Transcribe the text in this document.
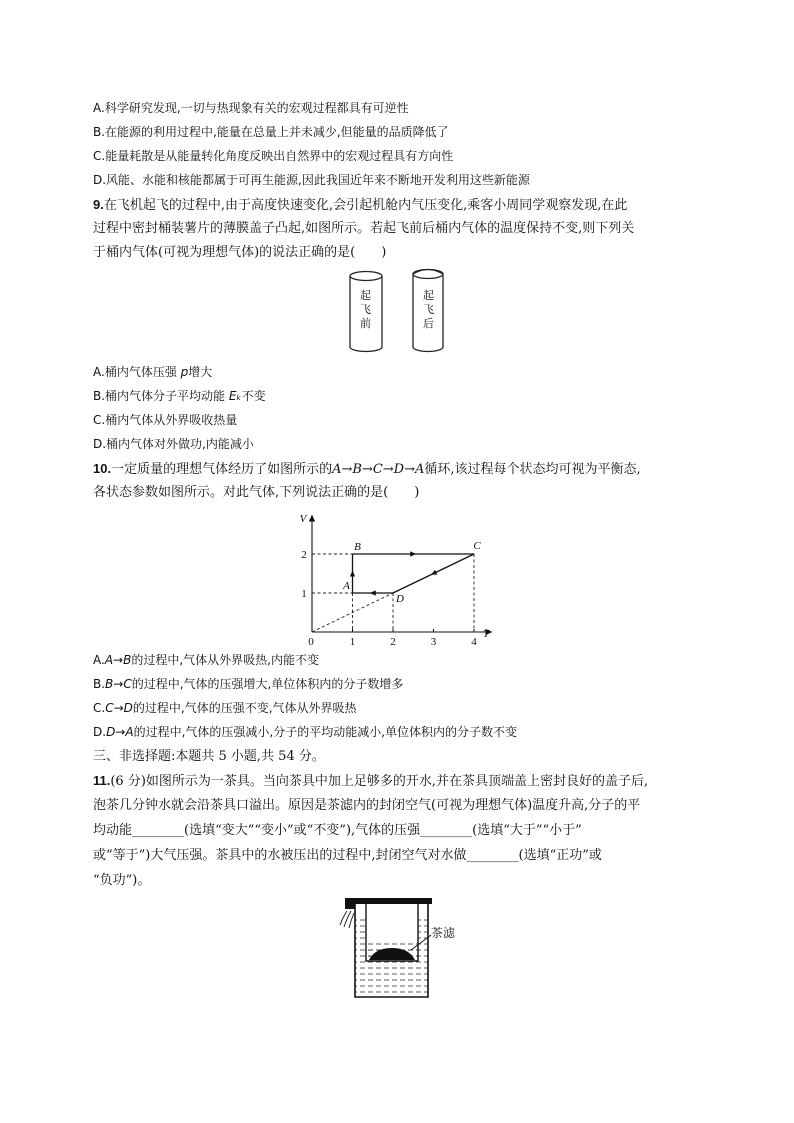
A.科学研究发现,一切与热现象有关的宏观过程都具有可逆性
B.在能源的利用过程中,能量在总量上并未减少,但能量的品质降低了
C.能量耗散是从能量转化角度反映出自然界中的宏观过程具有方向性
D.风能、水能和核能都属于可再生能源,因此我国近年来不断地开发利用这些新能源
9.在飞机起飞的过程中,由于高度快速变化,会引起机舱内气压变化,乘客小周同学观察发现,在此
过程中密封桶装薯片的薄膜盖子凸起,如图所示。若起飞前后桶内气体的温度保持不变,则下列关
于桶内气体(可视为理想气体)的说法正确的是(　　)
起飞前
起飞后
A.桶内气体压强 p增大
B.桶内气体分子平均动能 Eₖ不变
C.桶内气体从外界吸收热量
D.桶内气体对外做功,内能减小
10.一定质量的理想气体经历了如图所示的A→B→C→D→A循环,该过程每个状态均可视为平衡态,
各状态参数如图所示。对此气体,下列说法正确的是(　　)
T
V
0	1	2	3	4
1
2
A
B	C
D
A.A→B的过程中,气体从外界吸热,内能不变
B.B→C的过程中,气体的压强增大,单位体积内的分子数增多
C.C→D的过程中,气体的压强不变,气体从外界吸热
D.D→A的过程中,气体的压强减小,分子的平均动能减小,单位体积内的分子数不变
三、非选择题:本题共 5 小题,共 54 分。
11.(6 分)如图所示为一茶具。当向茶具中加上足够多的开水,并在茶具顶端盖上密封良好的盖子后,
泡茶几分钟水就会沿茶具口溢出。原因是茶滤内的封闭空气(可视为理想气体)温度升高,分子的平
均动能________(选填“变大”“变小”或“不变”),气体的压强________(选填“大于”“小于”
或“等于”)大气压强。茶具中的水被压出的过程中,封闭空气对水做________(选填“正功”或
“负功”)。
茶滤
